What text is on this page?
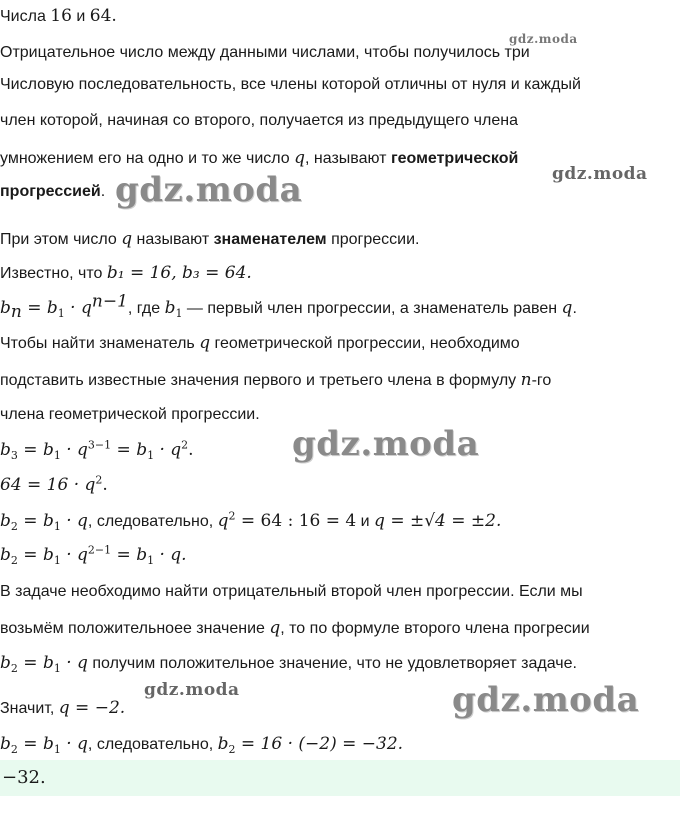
gdz.moda
gdz.moda	gdz.moda
gdz.moda
gdz.moda	gdz.moda
Числа 16 и 64.
Отрицательное число между данными числами, чтобы получилось три
Числовую последовательность, все члены которой отличны от нуля и каждый
член которой, начиная со второго, получается из предыдущего члена
умножением его на одно и то же число q, называют геометрической
прогрессией.
При этом число q называют знаменателем прогрессии.
Известно, что b₁ = 16, b₃ = 64.
$b_n = b_1 \cdot q^{n-1}$, где $b_1$ — первый член прогрессии, а знаменатель равен q.
Чтобы найти знаменатель q геометрической прогрессии, необходимо
подставить известные значения первого и третьего члена в формулу n-го
члена геометрической прогрессии.
$b_3 = b_1 \cdot q^{3-1} = b_1 \cdot q^2$.
$64 = 16 \cdot q^2$.
$b_2 = b_1 \cdot q$, следовательно, $q^2 = 64$ : 16 = 4 и q = ±√4 = ±2.
$b_2 = b_1 \cdot q^{2-1} = b_1 \cdot q$.
В задаче необходимо найти отрицательный второй член прогрессии. Если мы
возьмём положительноее значение q, то по формуле второго члена прогресии
$b_2 = b_1 \cdot q$ получим положительное значение, что не удовлетворяет задаче.
Значит, q = −2.
$b_2 = b_1 \cdot q$, следовательно, $b_2 = 16 \cdot (-2) = -32$.
−32.
